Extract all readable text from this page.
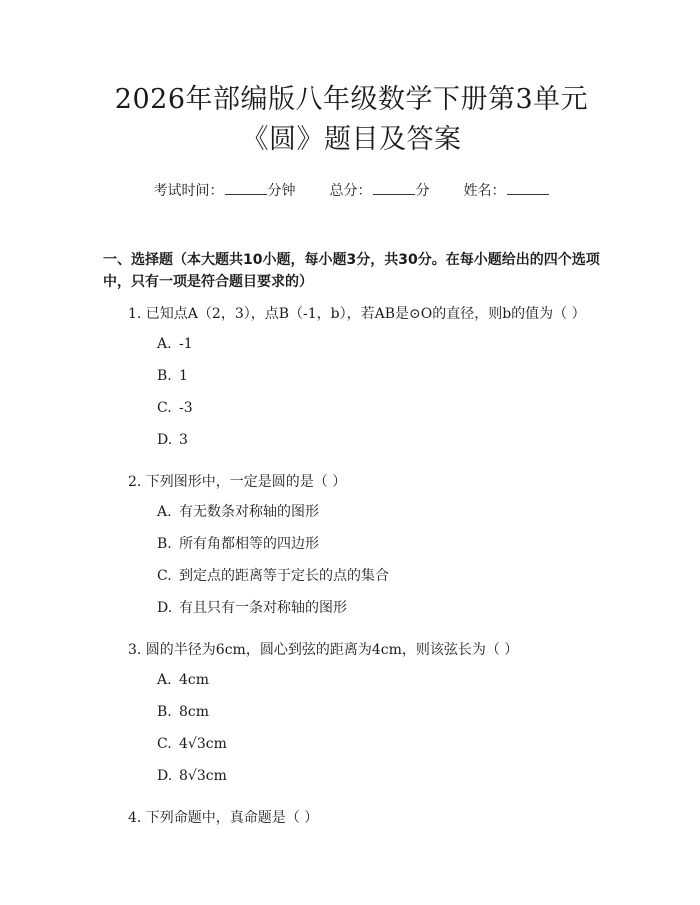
2026年部编版八年级数学下册第3单元
《圆》题目及答案
考试时间：	分钟 总分：	分 姓名：
一、选择题（本大题共10小题，每小题3分，共30分。在每小题给出的四个选项中，只有一项是符合题目要求的）
1. 已知点A（2，3），点B（-1，b），若AB是⊙O的直径，则b的值为（ ）
A. -1
B. 1
C. -3
D. 3
2. 下列图形中，一定是圆的是（ ）
A. 有无数条对称轴的图形
B. 所有角都相等的四边形
C. 到定点的距离等于定长的点的集合
D. 有且只有一条对称轴的图形
3. 圆的半径为6cm，圆心到弦的距离为4cm，则该弦长为（ ）
A. 4cm
B. 8cm
C. 4√3cm
D. 8√3cm
4. 下列命题中，真命题是（ ）
